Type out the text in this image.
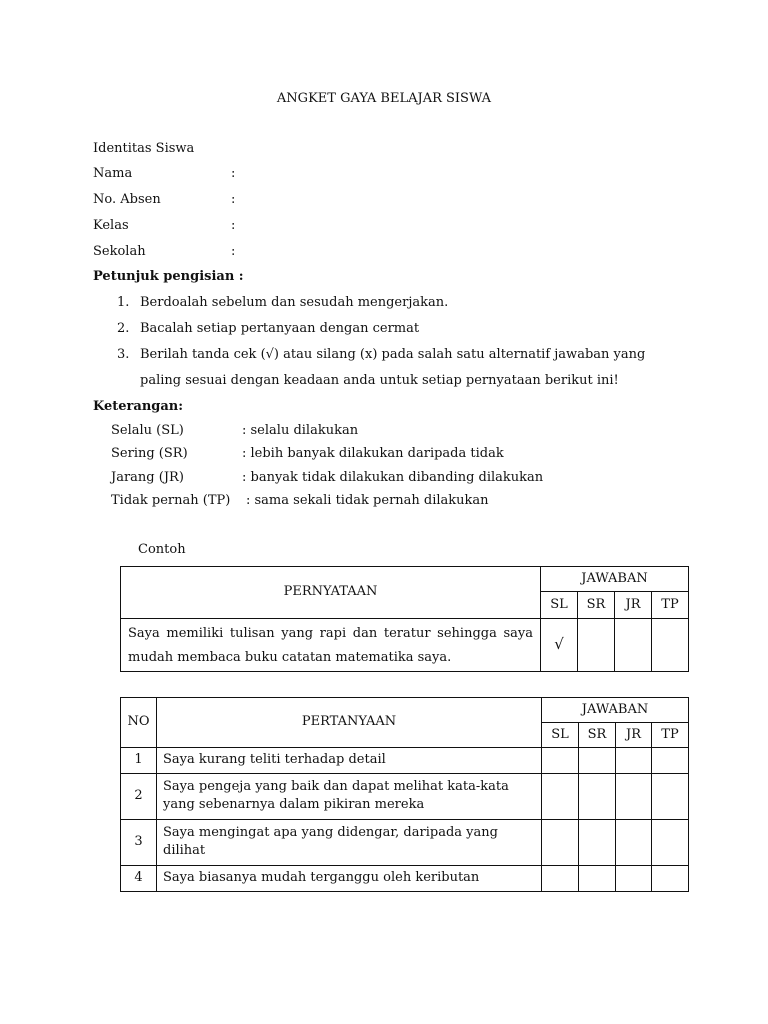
ANGKET GAYA BELAJAR SISWA
Identitas Siswa
Nama	:
No. Absen	:
Kelas	:
Sekolah	:
Petunjuk pengisian :
1. Berdoalah sebelum dan sesudah mengerjakan.
2. Bacalah setiap pertanyaan dengan cermat
3. Berilah tanda cek (√) atau silang (x) pada salah satu alternatif jawaban yang
paling sesuai dengan keadaan anda untuk setiap pernyataan berikut ini!
Keterangan:
Selalu (SL)	: selalu dilakukan
Sering (SR)	: lebih banyak dilakukan daripada tidak
Jarang (JR)	: banyak tidak dilakukan dibanding dilakukan
Tidak pernah (TP) : sama sekali tidak pernah dilakukan
Contoh
PERNYATAAN	JAWABAN			
	SL	SR	JR	TP

Saya memiliki tulisan yang rapi dan teratur sehingga saya
mudah membaca buku catatan matematika saya.	√			
NO	PERTANYAAN	JAWABAN			
		SL	SR	JR	TP
1	Saya kurang teliti terhadap detail				
2	Saya pengeja yang baik dan dapat melihat kata-kata yang sebenarnya dalam pikiran mereka				
3	Saya mengingat apa yang didengar, daripada yang dilihat				
4	Saya biasanya mudah terganggu oleh keributan				
